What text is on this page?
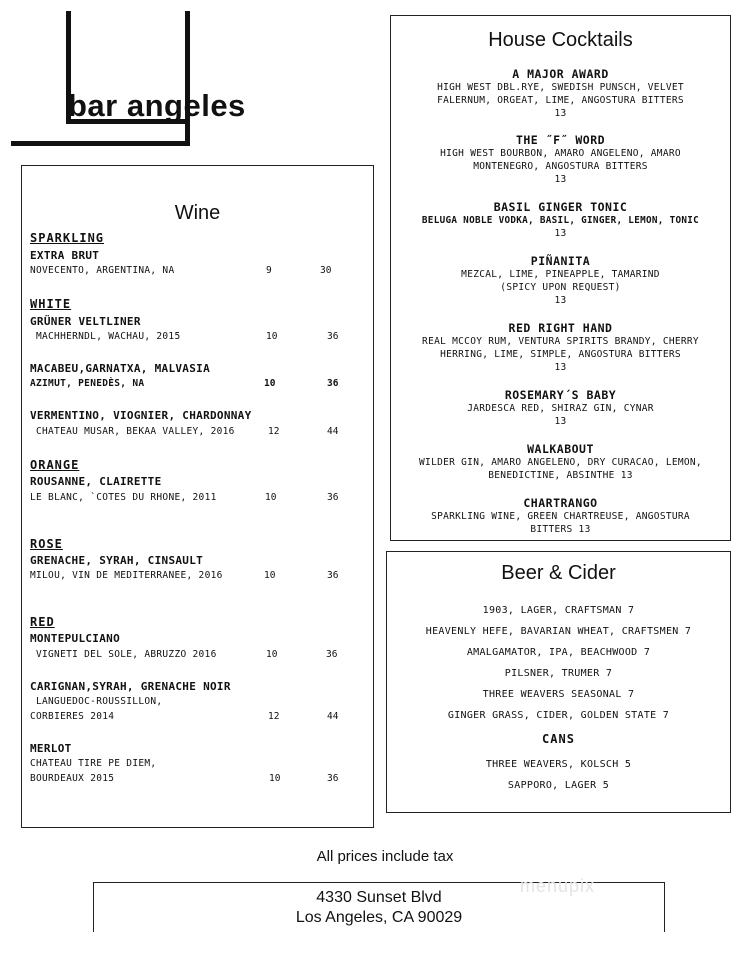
bar angeles
Wine
SPARKLING
EXTRA BRUT
NOVECENTO, ARGENTINA, NA	9	30
WHITE
GRÜNER VELTLINER
MACHHERNDL, WACHAU, 2015	10	36
MACABEU,GARNATXA, MALVASIA
AZIMUT, PENEDÈS, NA	10	36
VERMENTINO, VIOGNIER, CHARDONNAY
CHATEAU MUSAR, BEKAA VALLEY, 2016	12	44
ORANGE
ROUSANNE, CLAIRETTE
LE BLANC, `COTES DU RHONE, 2011	10	36
ROSE
GRENACHE, SYRAH, CINSAULT
MILOU, VIN DE MEDITERRANEE, 2016	10	36
RED
MONTEPULCIANO
VIGNETI DEL SOLE, ABRUZZO 2016	10	36
CARIGNAN,SYRAH, GRENACHE NOIR
LANGUEDOC-ROUSSILLON,
CORBIERES 2014	12	44
MERLOT
CHATEAU TIRE PE DIEM,
BOURDEAUX 2015	10	36
House Cocktails
A MAJOR AWARD
HIGH WEST DBL.RYE, SWEDISH PUNSCH, VELVET
FALERNUM, ORGEAT, LIME, ANGOSTURA BITTERS
13
THE ˝F˝ WORD
HIGH WEST BOURBON, AMARO ANGELENO, AMARO
MONTENEGRO, ANGOSTURA BITTERS
13
BASIL GINGER TONIC
BELUGA NOBLE VODKA, BASIL, GINGER, LEMON, TONIC
13
PIÑANITA
MEZCAL, LIME, PINEAPPLE, TAMARIND
(SPICY UPON REQUEST)
13
RED RIGHT HAND
REAL MCCOY RUM, VENTURA SPIRITS BRANDY, CHERRY
HERRING, LIME, SIMPLE, ANGOSTURA BITTERS
13
ROSEMARY´S BABY
JARDESCA RED, SHIRAZ GIN, CYNAR
13
WALKABOUT
WILDER GIN, AMARO ANGELENO, DRY CURACAO, LEMON,
BENEDICTINE, ABSINTHE 13
CHARTRANGO
SPARKLING WINE, GREEN CHARTREUSE, ANGOSTURA
BITTERS 13
Beer & Cider
1903, LAGER, CRAFTSMAN 7
HEAVENLY HEFE, BAVARIAN WHEAT, CRAFTSMEN 7
AMALGAMATOR, IPA, BEACHWOOD 7
PILSNER, TRUMER 7
THREE WEAVERS SEASONAL 7
GINGER GRASS, CIDER, GOLDEN STATE 7
CANS
THREE WEAVERS, KOLSCH 5
SAPPORO, LAGER 5
All prices include tax
4330 Sunset Blvd
Los Angeles, CA 90029
menupix
